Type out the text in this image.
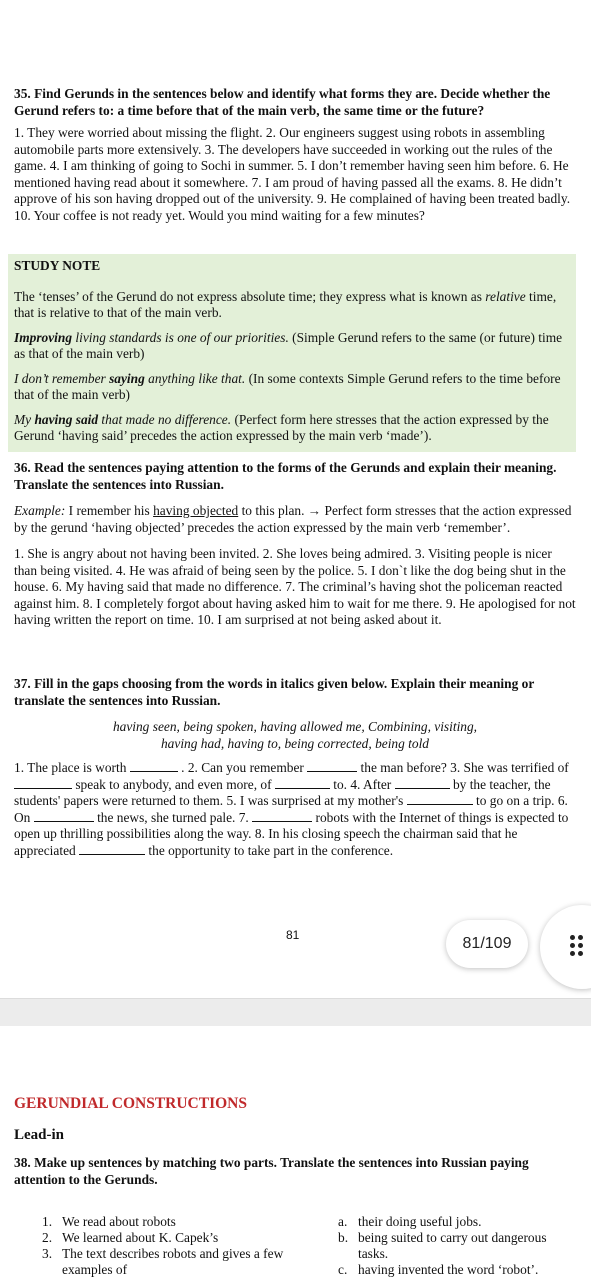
35. Find Gerunds in the sentences below and identify what forms they are. Decide whether the Gerund refers to: a time before that of the main verb, the same time or the future?

1. They were worried about missing the flight. 2. Our engineers suggest using robots in assembling automobile parts more extensively. 3. The developers have succeeded in working out the rules of the game. 4. I am thinking of going to Sochi in summer. 5. I don’t remember having seen him before. 6. He mentioned having read about it somewhere. 7. I am proud of having passed all the exams. 8. He didn’t approve of his son having dropped out of the university. 9. He complained of having been treated badly. 10. Your coffee is not ready yet. Would you mind waiting for a few minutes?

STUDY NOTE

The ‘tenses’ of the Gerund do not express absolute time; they express what is known as relative time, that is relative to that of the main verb.

Improving living standards is one of our priorities. (Simple Gerund refers to the same (or future) time as that of the main verb)

I don’t remember saying anything like that. (In some contexts Simple Gerund refers to the time before that of the main verb)

My having said that made no difference. (Perfect form here stresses that the action expressed by the Gerund ‘having said’ precedes the action expressed by the main verb ‘made’).

36. Read the sentences paying attention to the forms of the Gerunds and explain their meaning. Translate the sentences into Russian.

Example: I remember his having objected to this plan. → Perfect form stresses that the action expressed by the gerund ‘having objected’ precedes the action expressed by the main verb ‘remember’.

1. She is angry about not having been invited. 2. She loves being admired. 3. Visiting people is nicer than being visited. 4. He was afraid of being seen by the police. 5. I don`t like the dog being shut in the house. 6. My having said that made no difference. 7. The criminal’s having shot the policeman reacted against him. 8. I completely forgot about having asked him to wait for me there. 9. He apologised for not having written the report on time. 10. I am surprised at not being asked about it.

37. Fill in the gaps choosing from the words in italics given below. Explain their meaning or translate the sentences into Russian.

having seen, being spoken, having allowed me, Combining, visiting,
having had, having to, being corrected, being told

1. The place is worth	. 2. Can you remember	the man before? 3. She was terrified of  speak to anybody, and even more, of	to. 4. After	by the teacher, the students' papers were returned to them. 5. I was surprised at my mother's	to go on a trip. 6. On	the news, she turned pale. 7.	robots with the Internet of things is expected to open up thrilling possibilities along the way. 8. In his closing speech the chairman said that he appreciated	the opportunity to take part in the conference.

81	81/109
GERUNDIAL CONSTRUCTIONS
Lead-in

38. Make up sentences by matching two parts. Translate the sentences into Russian paying attention to the Gerunds.

1. We read about robots
2. We learned about K. Capek’s
3. The text describes robots and gives a few examples of
a. their doing useful jobs.
b. being suited to carry out dangerous tasks.
c. having invented the word ‘robot’.
